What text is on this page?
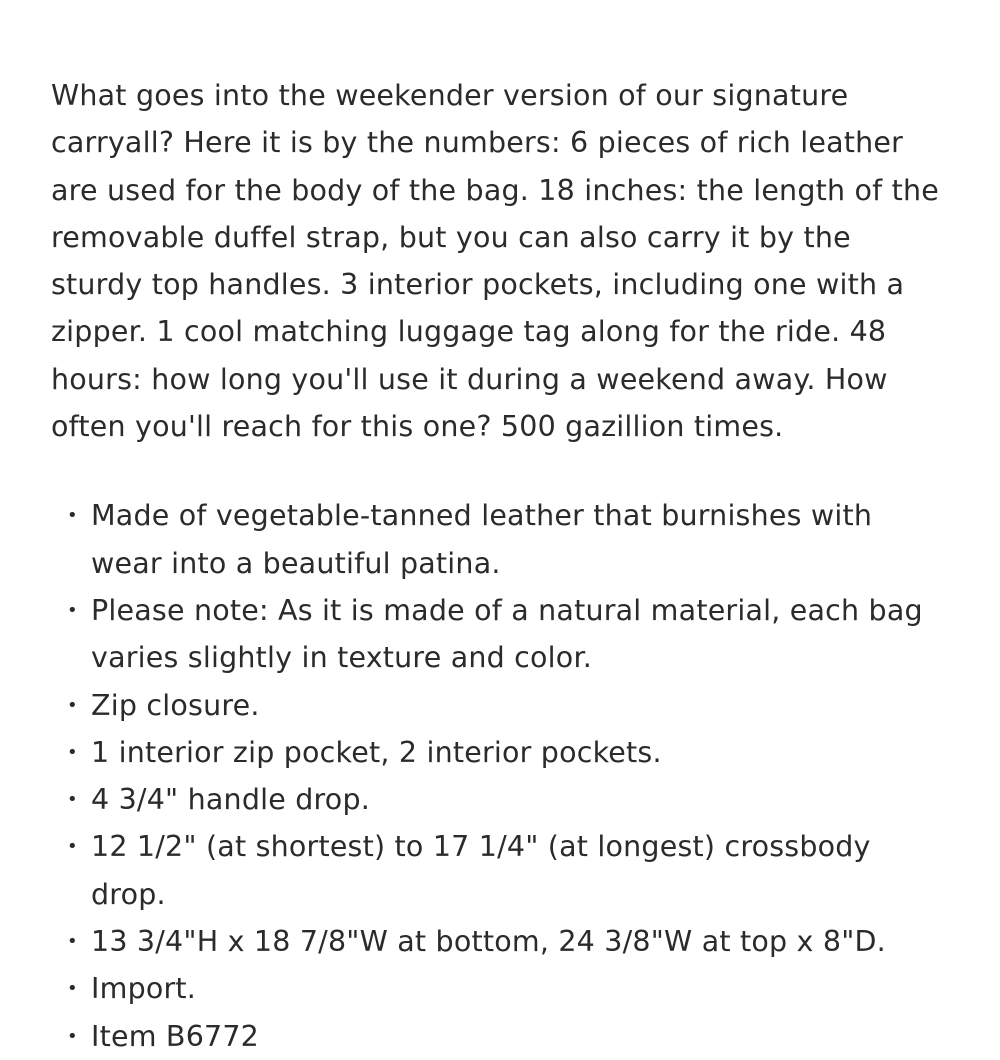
What goes into the weekender version of our signature carryall? Here it is by the numbers: 6 pieces of rich leather are used for the body of the bag. 18 inches: the length of the removable duffel strap, but you can also carry it by the sturdy top handles. 3 interior pockets, including one with a zipper. 1 cool matching luggage tag along for the ride. 48 hours: how long you'll use it during a weekend away. How often you'll reach for this one? 500 gazillion times.

• Made of vegetable-tanned leather that burnishes with wear into a beautiful patina.
• Please note: As it is made of a natural material, each bag varies slightly in texture and color.
• Zip closure.
• 1 interior zip pocket, 2 interior pockets.
• 4 3/4" handle drop.
• 12 1/2" (at shortest) to 17 1/4" (at longest) crossbody drop.
• 13 3/4"H x 18 7/8"W at bottom, 24 3/8"W at top x 8"D.
• Import.
• Item B6772
